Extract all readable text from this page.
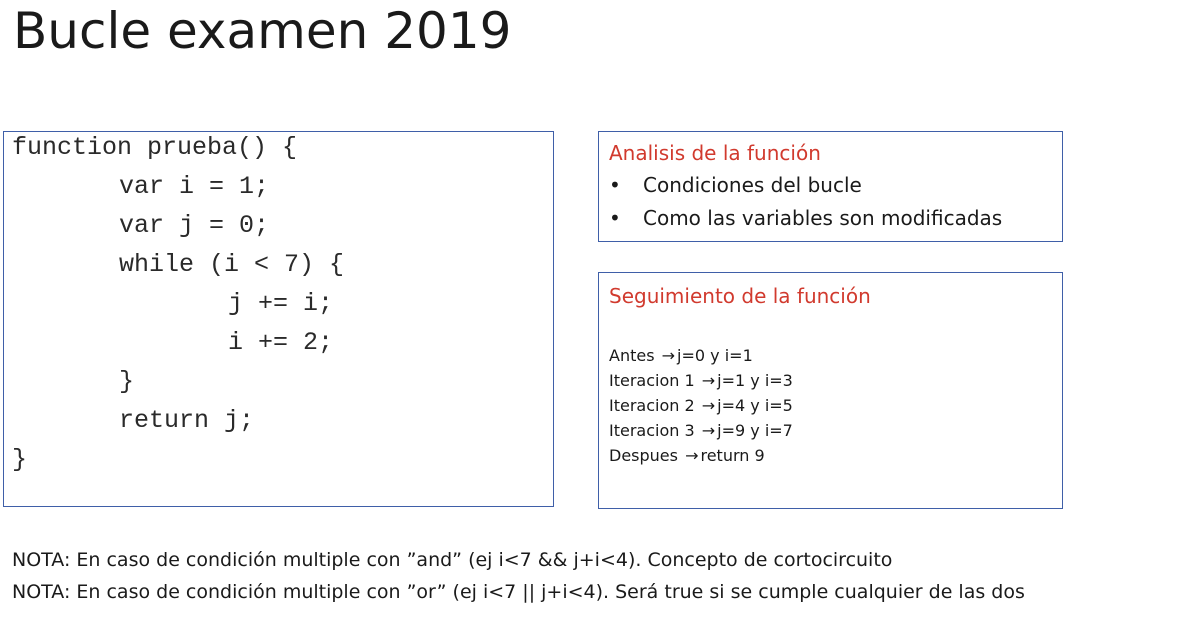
Bucle examen 2019
function prueba() {
var i = 1;
var j = 0;
while (i < 7) {
j += i;
i += 2;
}
return j;
}
Analisis de la función
• Condiciones del bucle
• Como las variables son modificadas
Seguimiento de la función
Antes → j=0 y i=1
Iteracion 1 → j=1 y i=3
Iteracion 2 → j=4 y i=5
Iteracion 3 → j=9 y i=7
Despues → return 9
NOTA: En caso de condición multiple con ”and” (ej i<7 && j+i<4). Concepto de cortocircuito
NOTA: En caso de condición multiple con ”or” (ej i<7 || j+i<4). Será true si se cumple cualquier de las dos
